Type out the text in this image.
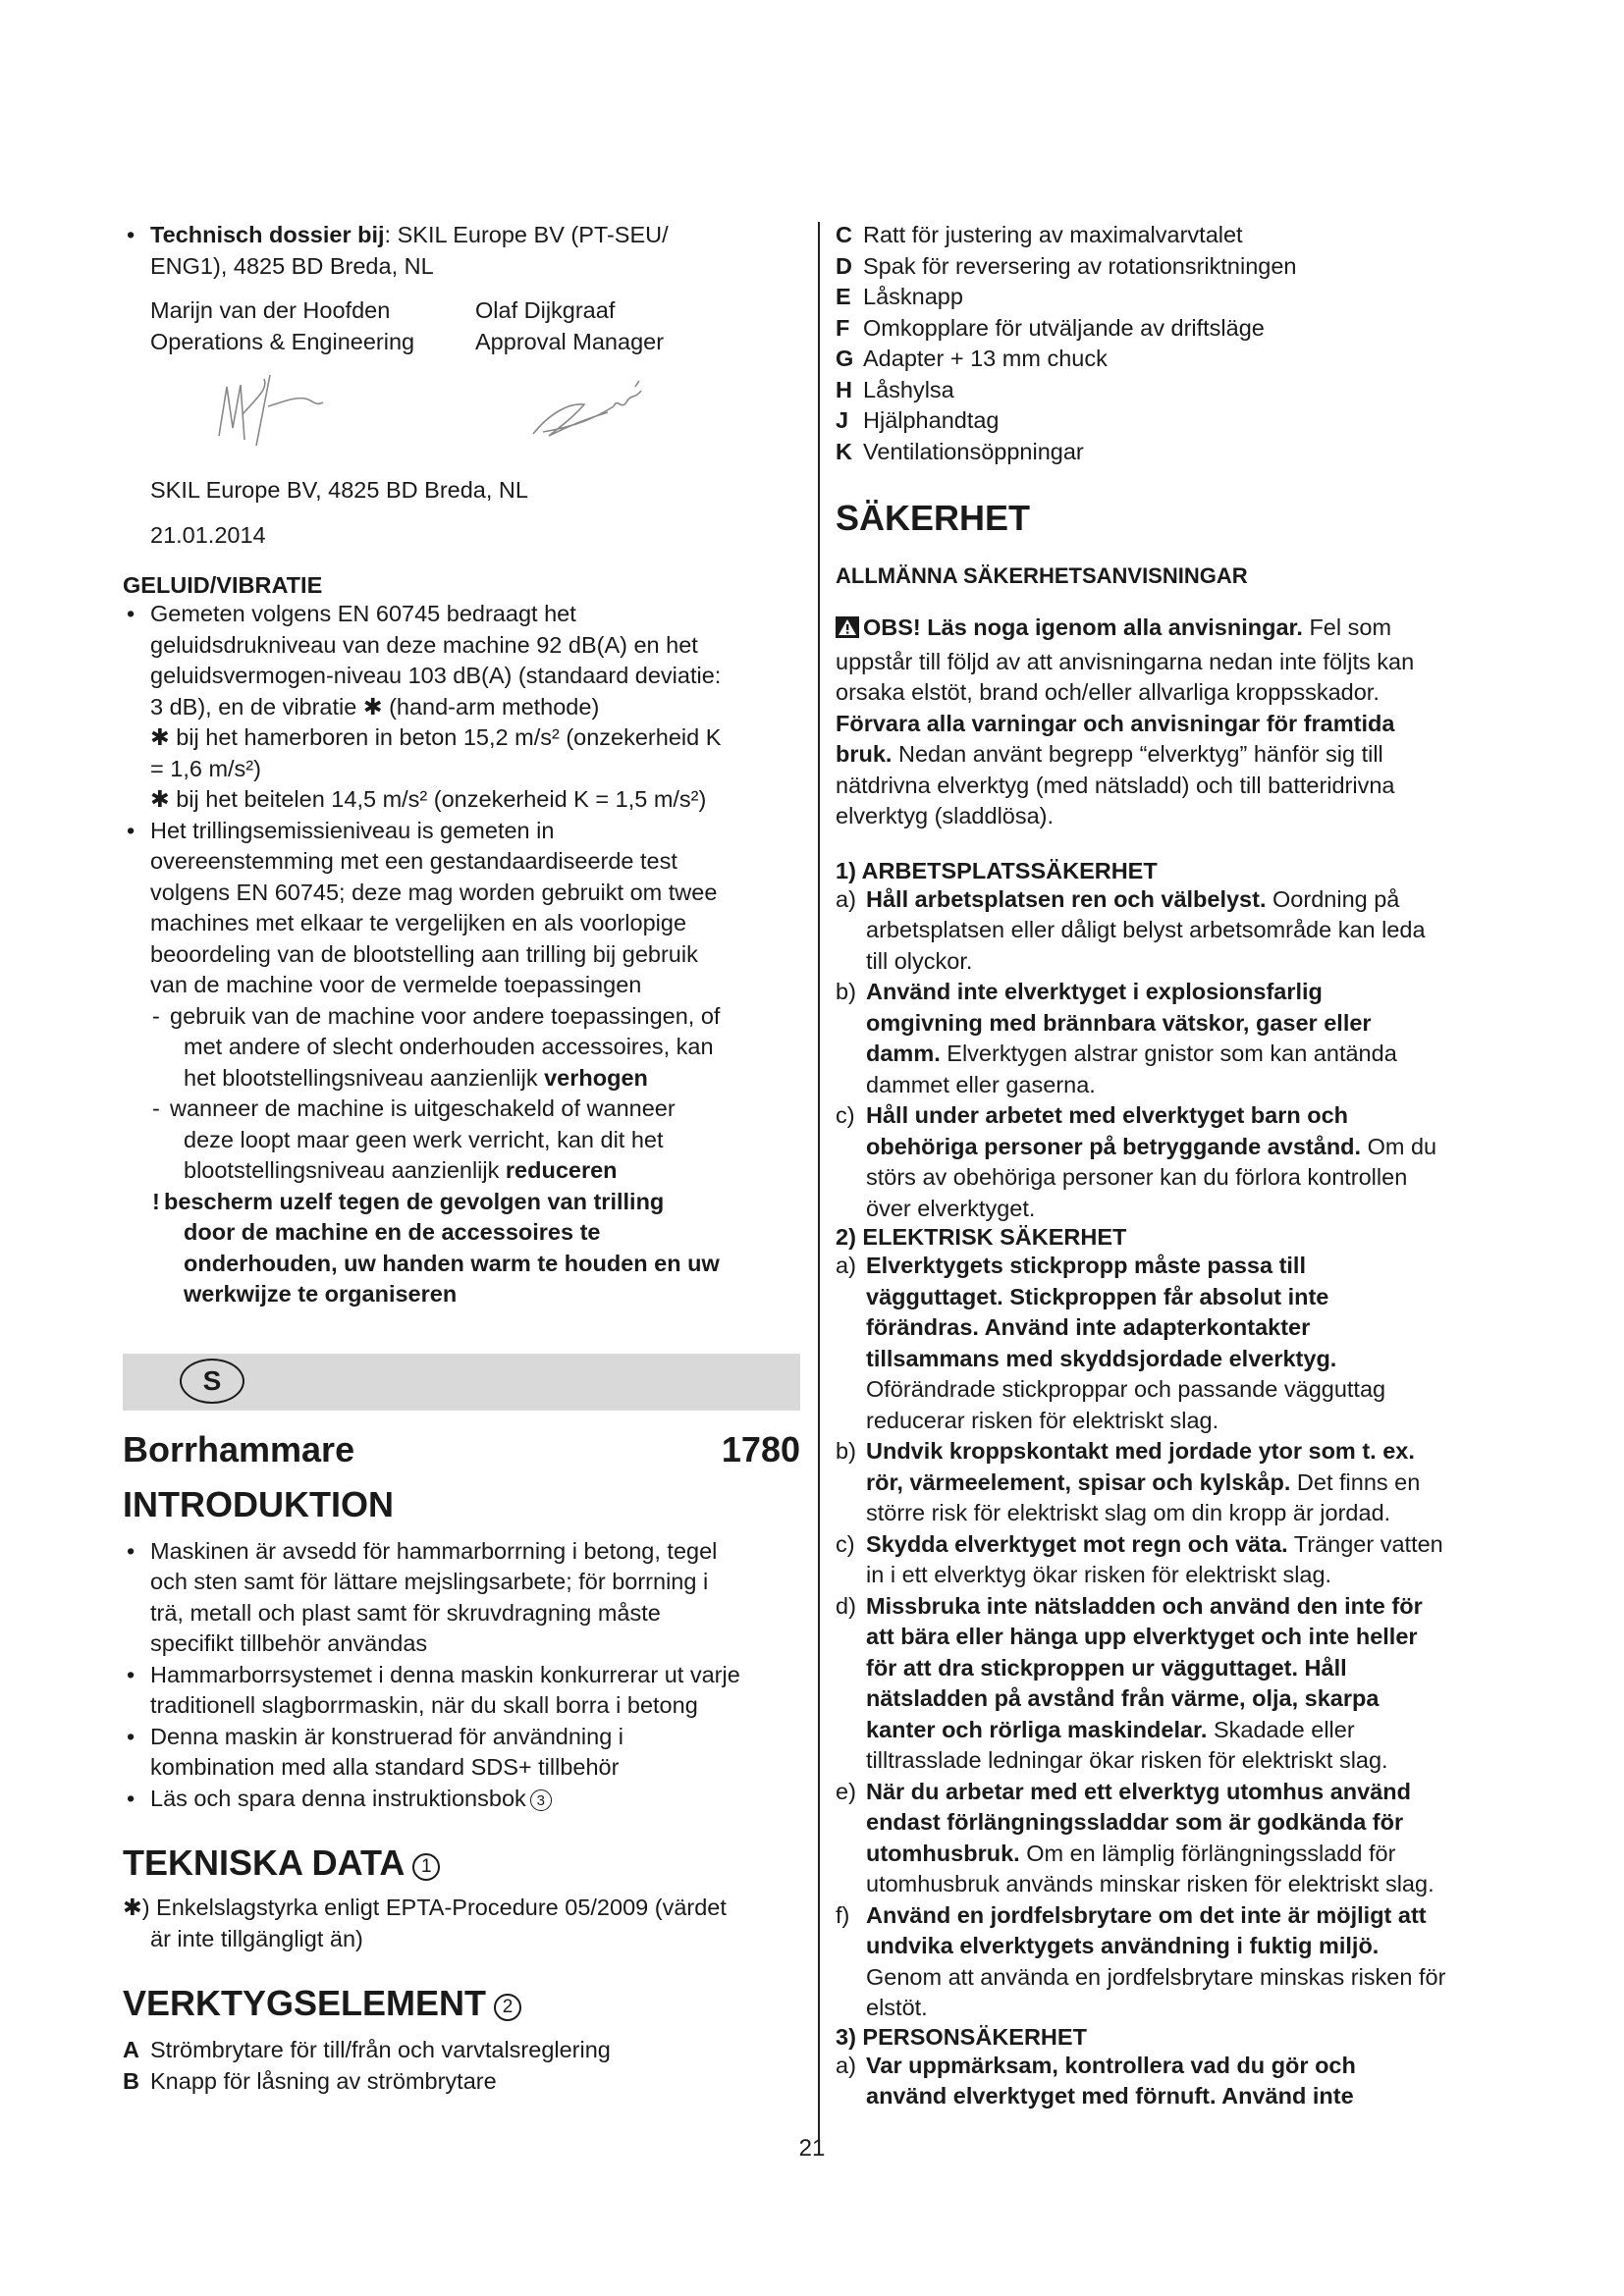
• Technisch dossier bij: SKIL Europe BV (PT-SEU/
ENG1), 4825 BD Breda, NL
Marijn van der Hoofden
Operations & Engineering
Olaf Dijkgraaf
Approval Manager
SKIL Europe BV, 4825 BD Breda, NL
21.01.2014
GELUID/VIBRATIE
• Gemeten volgens EN 60745 bedraagt het
geluidsdrukniveau van deze machine 92 dB(A) en het
geluidsvermogen-niveau 103 dB(A) (standaard deviatie:
3 dB), en de vibratie ✱ (hand-arm methode)
✱ bij het hamerboren in beton 15,2 m/s² (onzekerheid K
= 1,6 m/s²)
✱ bij het beitelen 14,5 m/s² (onzekerheid K = 1,5 m/s²)
• Het trillingsemissieniveau is gemeten in
overeenstemming met een gestandaardiseerde test
volgens EN 60745; deze mag worden gebruikt om twee
machines met elkaar te vergelijken en als voorlopige
beoordeling van de blootstelling aan trilling bij gebruik
van de machine voor de vermelde toepassingen
- gebruik van de machine voor andere toepassingen, of
met andere of slecht onderhouden accessoires, kan
het blootstellingsniveau aanzienlijk verhogen
- wanneer de machine is uitgeschakeld of wanneer
deze loopt maar geen werk verricht, kan dit het
blootstellingsniveau aanzienlijk reduceren
! bescherm uzelf tegen de gevolgen van trilling
door de machine en de accessoires te
onderhouden, uw handen warm te houden en uw
werkwijze te organiseren
S
Borrhammare	1780
INTRODUKTION
• Maskinen är avsedd för hammarborrning i betong, tegel
och sten samt för lättare mejslingsarbete; för borrning i
trä, metall och plast samt för skruvdragning måste
specifikt tillbehör användas
• Hammarborrsystemet i denna maskin konkurrerar ut varje
traditionell slagborrmaskin, när du skall borra i betong
• Denna maskin är konstruerad för användning i
kombination med alla standard SDS+ tillbehör
• Läs och spara denna instruktionsbok 3
TEKNISKA DATA 1
✱) Enkelslagstyrka enligt EPTA-Procedure 05/2009 (värdet
är inte tillgängligt än)
VERKTYGSELEMENT 2
A Strömbrytare för till/från och varvtalsreglering
B Knapp för låsning av strömbrytare
C Ratt för justering av maximalvarvtalet
D Spak för reversering av rotationsriktningen
E Låsknapp
F Omkopplare för utväljande av driftsläge
G Adapter + 13 mm chuck
H Låshylsa
J Hjälphandtag
K Ventilationsöppningar
SÄKERHET
ALLMÄNNA SÄKERHETSANVISNINGAR
OBS! Läs noga igenom alla anvisningar. Fel som
uppstår till följd av att anvisningarna nedan inte följts kan
orsaka elstöt, brand och/eller allvarliga kroppsskador.
Förvara alla varningar och anvisningar för framtida
bruk. Nedan använt begrepp “elverktyg” hänför sig till
nätdrivna elverktyg (med nätsladd) och till batteridrivna
elverktyg (sladdlösa).
1) ARBETSPLATSSÄKERHET
a) Håll arbetsplatsen ren och välbelyst. Oordning på
arbetsplatsen eller dåligt belyst arbetsområde kan leda
till olyckor.
b) Använd inte elverktyget i explosionsfarlig
omgivning med brännbara vätskor, gaser eller
damm. Elverktygen alstrar gnistor som kan antända
dammet eller gaserna.
c) Håll under arbetet med elverktyget barn och
obehöriga personer på betryggande avstånd. Om du
störs av obehöriga personer kan du förlora kontrollen
över elverktyget.
2) ELEKTRISK SÄKERHET
a) Elverktygets stickpropp måste passa till
vägguttaget. Stickproppen får absolut inte
förändras. Använd inte adapterkontakter
tillsammans med skyddsjordade elverktyg.
Oförändrade stickproppar och passande vägguttag
reducerar risken för elektriskt slag.
b) Undvik kroppskontakt med jordade ytor som t. ex.
rör, värmeelement, spisar och kylskåp. Det finns en
större risk för elektriskt slag om din kropp är jordad.
c) Skydda elverktyget mot regn och väta. Tränger vatten
in i ett elverktyg ökar risken för elektriskt slag.
d) Missbruka inte nätsladden och använd den inte för
att bära eller hänga upp elverktyget och inte heller
för att dra stickproppen ur vägguttaget. Håll
nätsladden på avstånd från värme, olja, skarpa
kanter och rörliga maskindelar. Skadade eller
tilltrasslade ledningar ökar risken för elektriskt slag.
e) När du arbetar med ett elverktyg utomhus använd
endast förlängningssladdar som är godkända för
utomhusbruk. Om en lämplig förlängningssladd för
utomhusbruk används minskar risken för elektriskt slag.
f) Använd en jordfelsbrytare om det inte är möjligt att
undvika elverktygets användning i fuktig miljö.
Genom att använda en jordfelsbrytare minskas risken för
elstöt.
3) PERSONSÄKERHET
a) Var uppmärksam, kontrollera vad du gör och
använd elverktyget med förnuft. Använd inte
21
